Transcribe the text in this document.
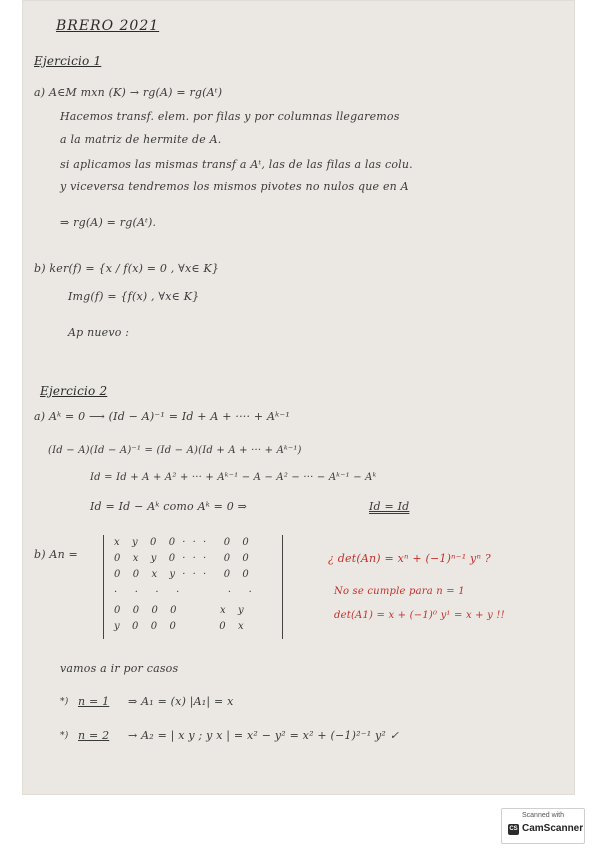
BRERO 2021
Ejercicio 1
a) A∈M mxn (K) → rg(A) = rg(Aᵗ)
Hacemos transf. elem. por filas y por columnas llegaremos
a la matriz de hermite de A.
si aplicamos las mismas transf a Aᵗ, las de las filas a las colu.
y viceversa tendremos los mismos pivotes no nulos que en A
⇒ rg(A) = rg(Aᵗ).
b) ker(f) = {x / f(x) = 0 , ∀x∈ K}
Img(f) = {f(x) , ∀x∈ K}
Ap nuevo :
Ejercicio 2
a) Aᵏ = 0 ⟶ (Id − A)⁻¹ = Id + A + ···· + Aᵏ⁻¹
(Id − A)(Id − A)⁻¹ = (Id − A)(Id + A + ··· + Aᵏ⁻¹)
Id = Id + A + A² + ··· + Aᵏ⁻¹ − A − A² − ··· − Aᵏ⁻¹ − Aᵏ
Id = Id − Aᵏ como Aᵏ = 0 ⇒	Id = Id
b) An =	¿ det(An) = xⁿ + (−1)ⁿ⁻¹ yⁿ ?
No se cumple para n = 1
det(A1) = x + (−1)⁰ y¹ = x + y !!
vamos a ir por casos
*) n = 1 ⇒ A₁ = (x) |A₁| = x
*) n = 2 → A₂ = | x y ; y x | = x² − y² = x² + (−1)²⁻¹ y² ✓
x  y  0  0 · · ·   0  0
0  x  y  0 · · ·   0  0
0  0  x  y · · ·   0  0
·   ·   ·   ·         ·   ·
0  0  0  0        x  y
y  0  0  0        0  x
Scanned with
CS CamScanner
